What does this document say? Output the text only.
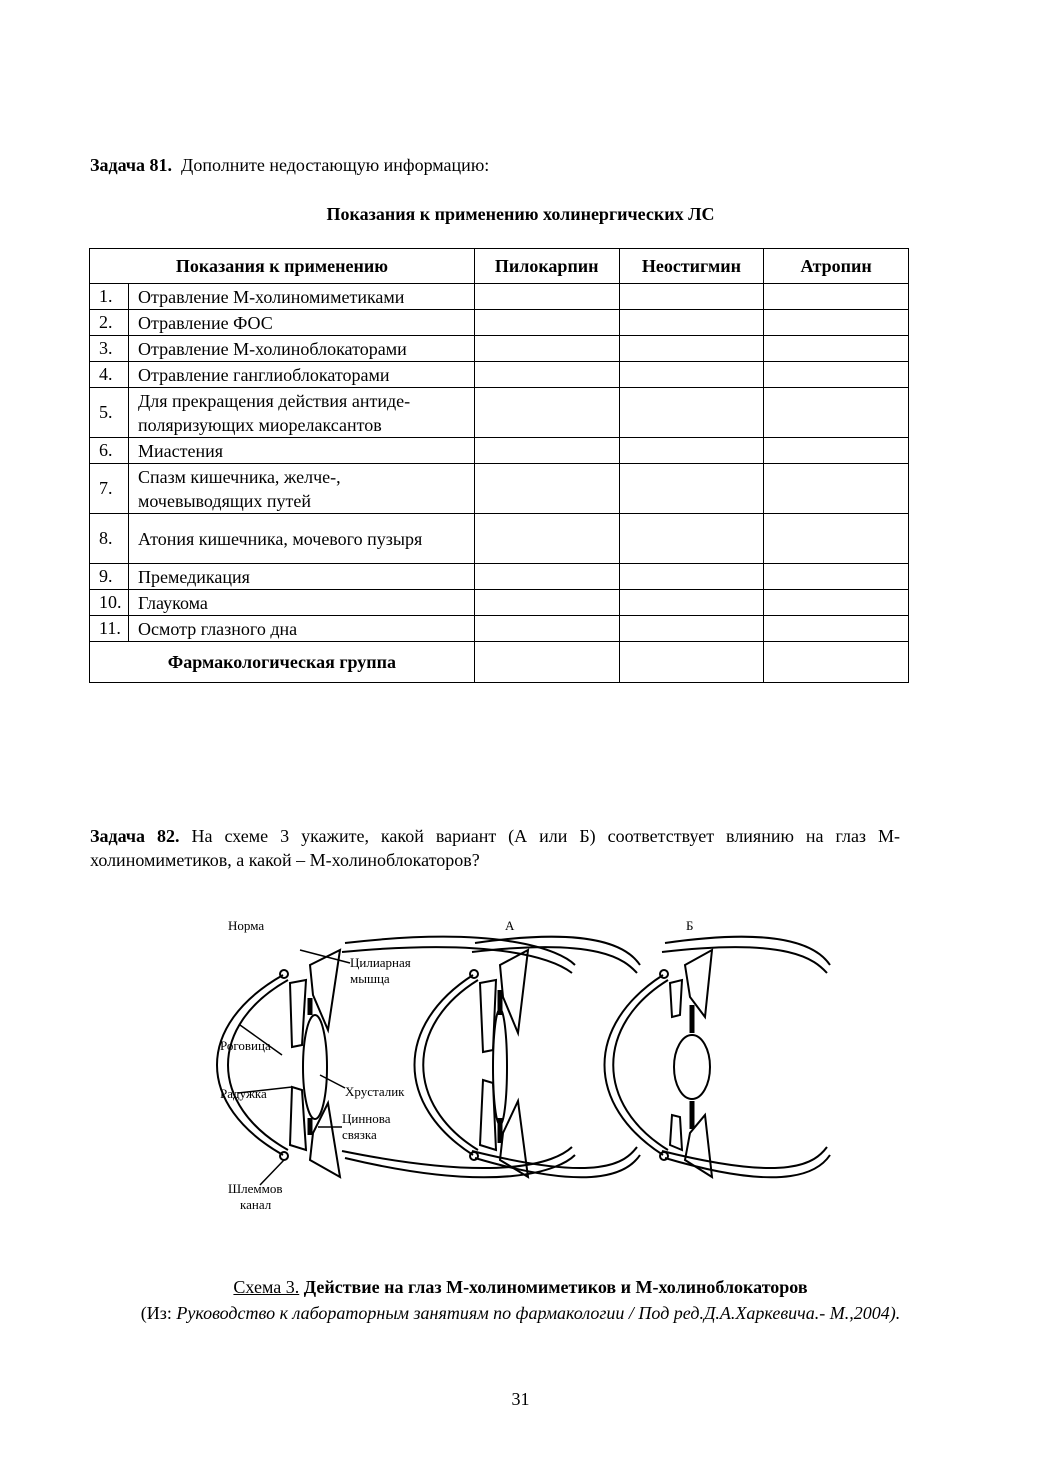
Задача 81. Дополните недостающую информацию:
Показания к применению холинергических ЛС
Показания к применению		Пилокарпин	Неостигмин	Атропин
1.	Отравление М-холиномиметиками			
2.	Отравление ФОС			
3.	Отравление М-холиноблокаторами			
4.	Отравление ганглиоблокаторами			
5.	Для прекращения действия антиде-поляризующих миорелаксантов			
6.	Миастения			
7.	Спазм кишечника, желче-, мочевыводящих путей			
8.	Атония кишечника, мочевого пузыря			
9.	Премедикация			
10.	Глаукома			
11.	Осмотр глазного дна			
Фармакологическая группа				
Задача 82. На схеме 3 укажите, какой вариант (А или Б) соответствует влиянию на глаз М-холиномиметиков, а какой – М-холиноблокаторов?
Норма	А	Б
Цилиарная
мышца
Роговица
Радужка	Хрусталик
Циннова
связка
Шлеммов
канал
Схема 3. Действие на глаз М-холиномиметиков и М-холиноблокаторов
(Из: Руководство к лабораторным занятиям по фармакологии / Под ред.Д.А.Харкевича.- М.,2004).
31
